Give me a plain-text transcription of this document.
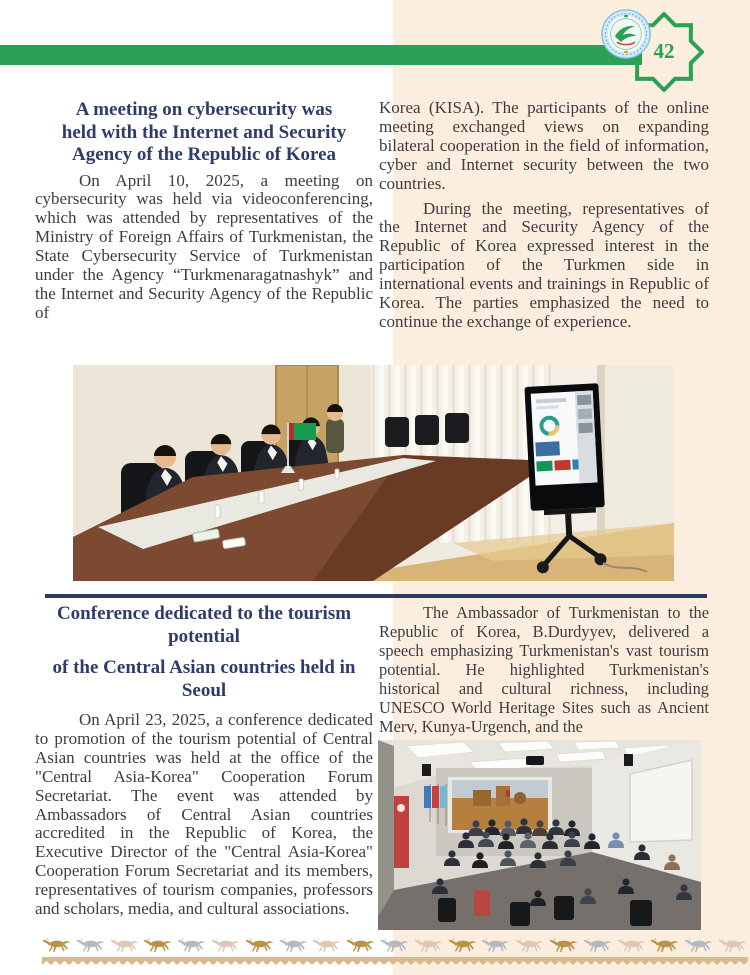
42
A meeting on cybersecurity was
held with the Internet and Security
Agency of the Republic of Korea

On April 10, 2025, a meeting on cybersecurity was held via videoconferencing, which was attended by representatives of the Ministry of Foreign Affairs of Turkmenistan, the State Cybersecurity Service of Turkmenistan under the Agency “Turkmenaragatnashyk” and the Internet and Security Agency of the Republic of

Korea (KISA). The participants of the online meeting exchanged views on expanding bilateral cooperation in the field of information, cyber and Internet security between the two countries.

During the meeting, representatives of the Internet and Security Agency of the Republic of Korea expressed interest in the participation of the Turkmen side in international events and trainings in Republic of Korea. The parties emphasized the need to continue the exchange of experience.

Conference dedicated to the tourism
potential
of the Central Asian countries held in
Seoul

On April 23, 2025, a conference dedicated to promotion of the tourism potential of Central Asian countries was held at the office of the "Central Asia-Korea" Cooperation Forum Secretariat. The event was attended by Ambassadors of Central Asian countries accredited in the Republic of Korea, the Executive Director of the "Central Asia-Korea" Cooperation Forum Secretariat and its members, representatives of tourism companies, professors and scholars, media, and cultural associations.

The Ambassador of Turkmenistan to the Republic of Korea, B.Durdyyev, delivered a speech emphasizing Turkmenistan's vast tourism potential. He highlighted Turkmenistan's historical and cultural richness, including UNESCO World Heritage Sites such as Ancient Merv, Kunya-Urgench, and the
